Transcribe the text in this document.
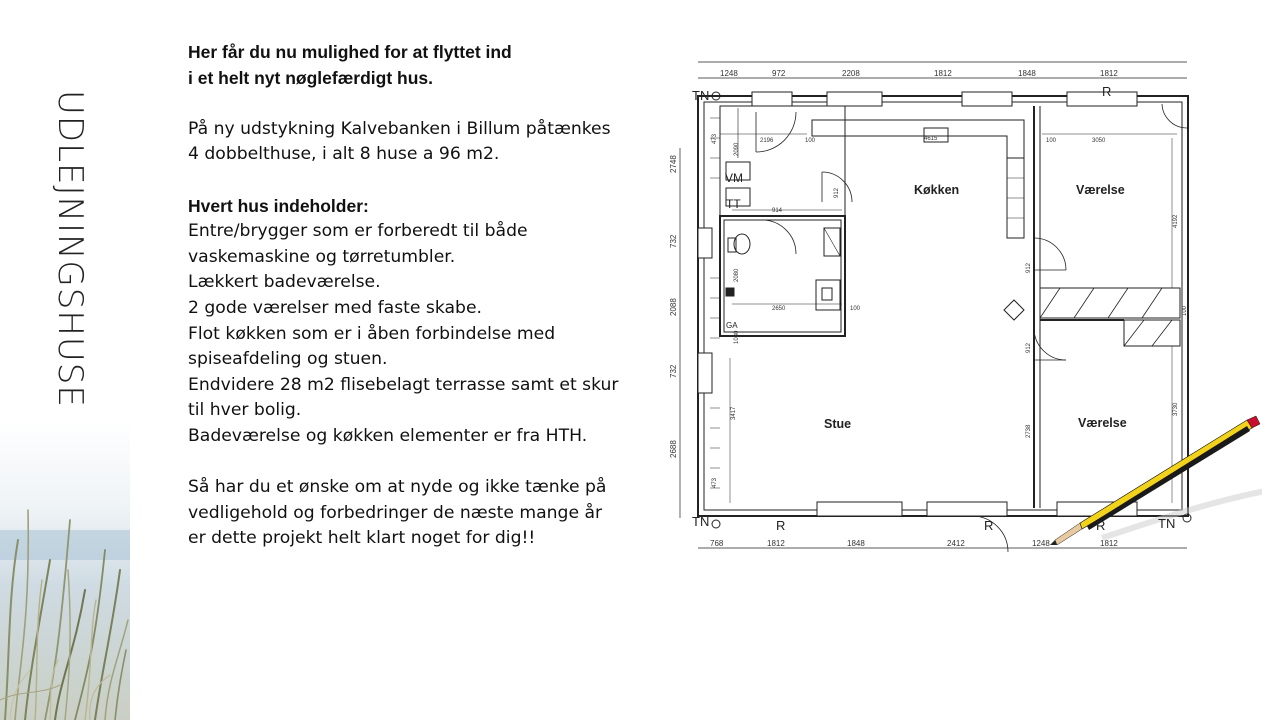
UDLEJNINGSHUSE
Her får du nu mulighed for at flyttet ind
i et helt nyt nøglefærdigt hus.
På ny udstykning Kalvebanken i Billum påtænkes
4 dobbelthuse, i alt 8 huse a 96 m2.
Hvert hus indeholder:
Entre/brygger som er forberedt til både
vaskemaskine og tørretumbler.
Lækkert badeværelse.
2 gode værelser med faste skabe.
Flot køkken som er i åben forbindelse med
spiseafdeling og stuen.
Endvidere 28 m2 flisebelagt terrasse samt et skur
til hver bolig.
Badeværelse og køkken elementer er fra HTH.
Så har du et ønske om at nyde og ikke tænke på
vedligehold og forbedringer de næste mange år
er dette projekt helt klart noget for dig!!
1248	972	2208	1812	1848	1812
768	1812	1848	2412	1248	1812
2748
732
2088
732
2688
2196	100	4615	100	3050
914
912
2650	100
912
912
4192
3417
2738
3730
473
473
2090
2080
1080
100
Køkken	Værelse
Værelse
Stue
VM
TT
GA
TN	R
TN	R	R	R	TN
